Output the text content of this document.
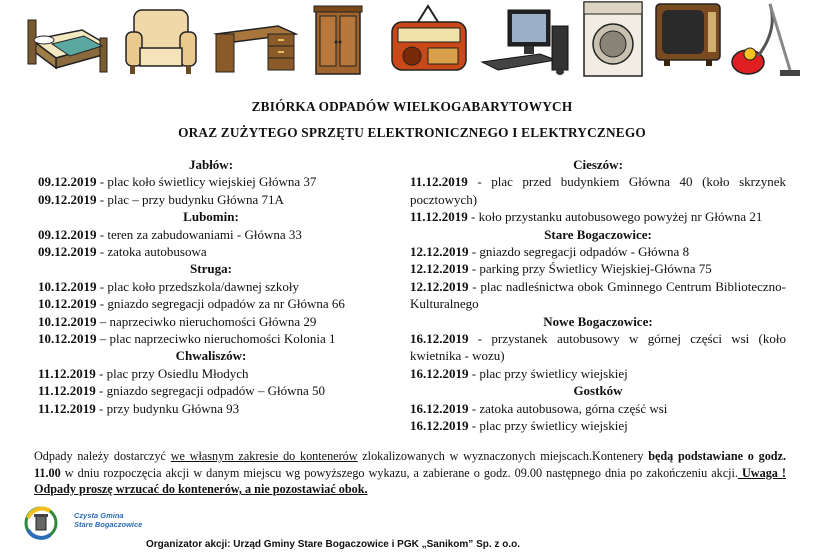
ZBIÓRKA ODPADÓW WIELKOGABARYTOWYCH
ORAZ ZUŻYTEGO SPRZĘTU ELEKTRONICZNEGO I ELEKTRYCZNEGO
Jabłów:
09.12.2019 - plac koło świetlicy wiejskiej Główna 37
09.12.2019 - plac – przy budynku Główna 71A
Lubomin:
09.12.2019 - teren za zabudowaniami - Główna 33
09.12.2019 - zatoka autobusowa
Struga:
10.12.2019 - plac koło przedszkola/dawnej szkoły
10.12.2019 - gniazdo segregacji odpadów za nr Główna 66
10.12.2019 – naprzeciwko nieruchomości Główna 29
10.12.2019 – plac naprzeciwko nieruchomości Kolonia 1
Chwaliszów:
11.12.2019 - plac przy Osiedlu Młodych
11.12.2019 - gniazdo segregacji odpadów – Główna 50
11.12.2019 - przy budynku Główna 93
Cieszów:
11.12.2019 - plac przed budynkiem Główna 40 (koło skrzynek pocztowych)
11.12.2019 - koło przystanku autobusowego powyżej nr Główna 21
Stare Bogaczowice:
12.12.2019 - gniazdo segregacji odpadów - Główna 8
12.12.2019 - parking przy Świetlicy Wiejskiej-Główna 75
12.12.2019 - plac nadleśnictwa obok Gminnego Centrum Biblioteczno-Kulturalnego
Nowe Bogaczowice:
16.12.2019 - przystanek autobusowy w górnej części wsi (koło kwietnika - wozu)
16.12.2019 - plac przy świetlicy wiejskiej
Gostków
16.12.2019 - zatoka autobusowa, górna część wsi
16.12.2019 - plac przy świetlicy wiejskiej
Odpady należy dostarczyć we własnym zakresie do kontenerów zlokalizowanych w wyznaczonych miejscach.Kontenery będą podstawiane o godz. 11.00 w dniu rozpoczęcia akcji w danym miejscu wg powyższego wykazu, a zabierane o godz. 09.00 następnego dnia po zakończeniu akcji. Uwaga ! Odpady proszę wrzucać do kontenerów, a nie pozostawiać obok.
Czysta Gmina
Stare Bogaczowice
Organizator akcji: Urząd Gminy Stare Bogaczowice i PGK „Sanikom” Sp. z o.o.
